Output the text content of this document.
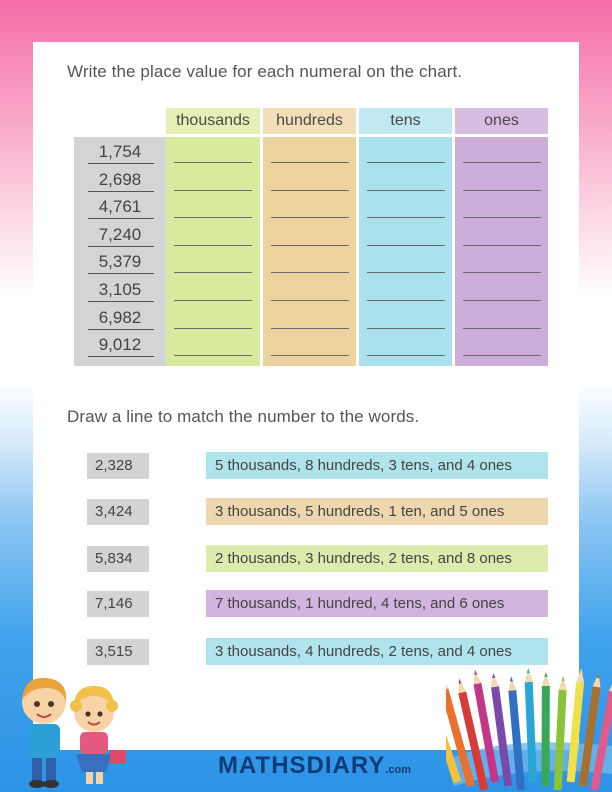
Write the place value for each numeral on the chart.
thousands	hundreds	tens	ones
1,754
2,698
4,761
7,240
5,379
3,105
6,982
9,012
Draw a line to match the number to the words.
2,328
3,424
5,834
7,146
3,515
5 thousands, 8 hundreds, 3 tens, and 4 ones
3 thousands, 5 hundreds, 1 ten, and 5 ones
2 thousands, 3 hundreds, 2 tens, and 8 ones
7 thousands, 1 hundred, 4 tens, and 6 ones
3 thousands, 4 hundreds, 2 tens, and 4 ones
MATHSDIARY.com
